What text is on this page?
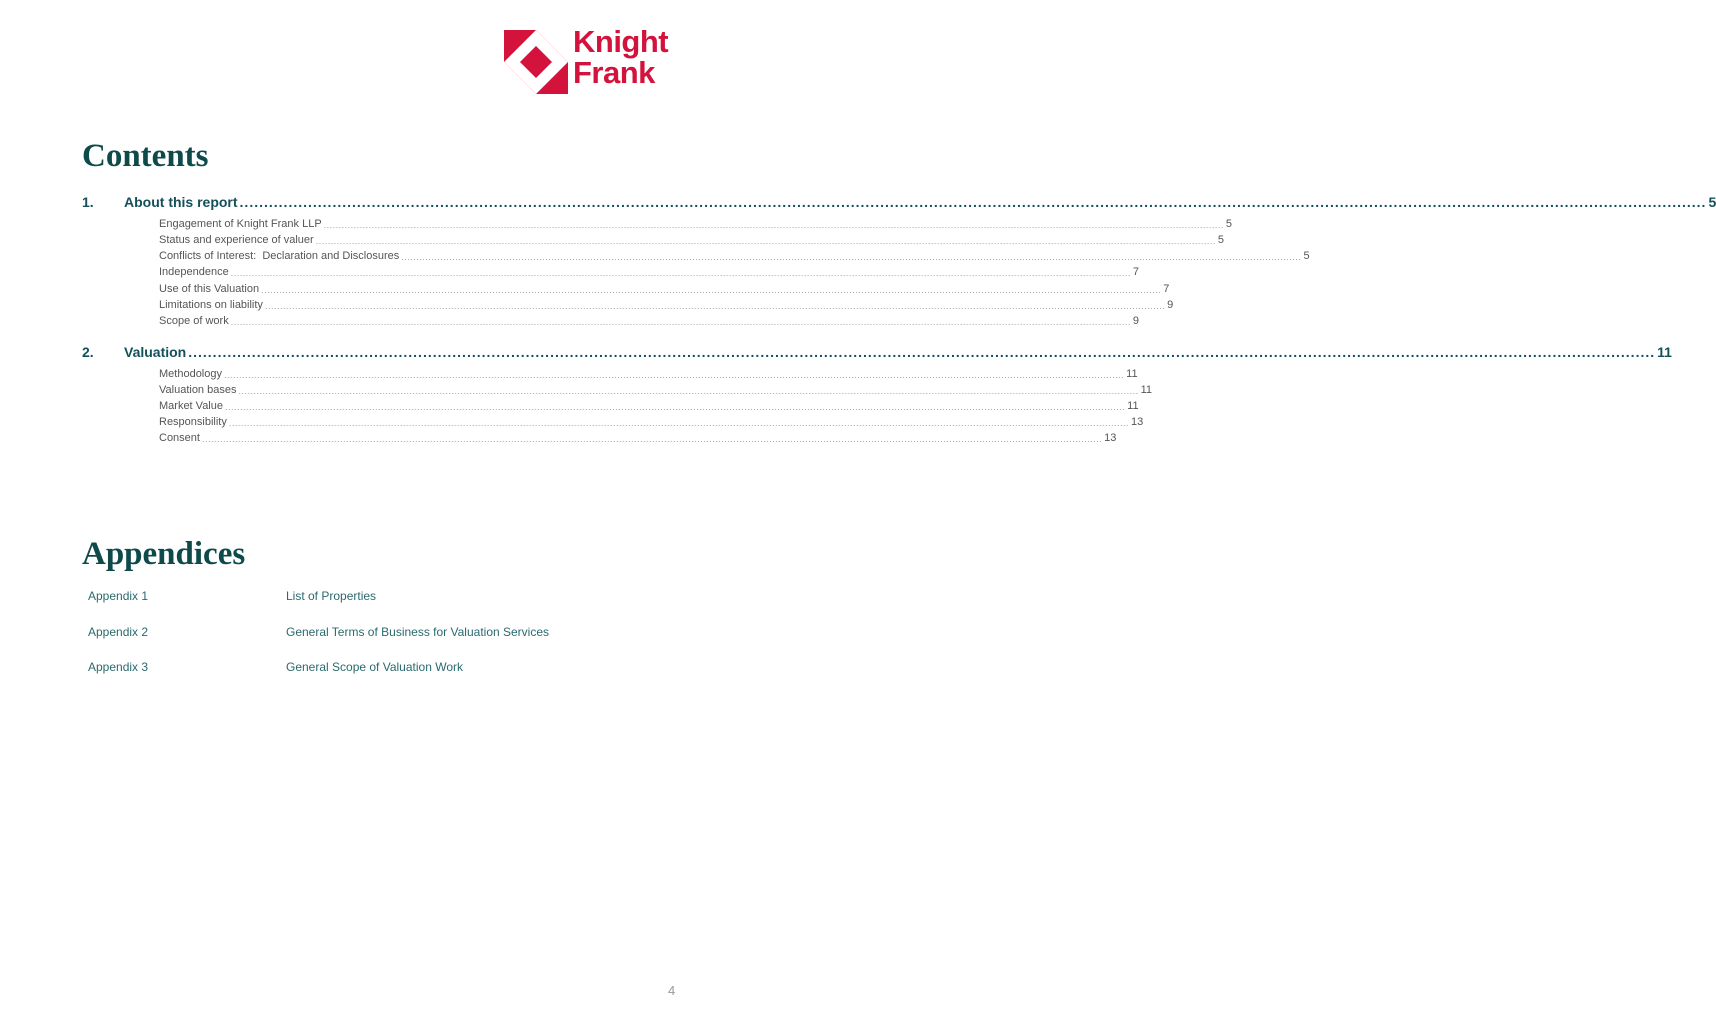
Knight
Frank
Contents
1.	About this report ............................................................................................................................................................................................................................................................................................................ 5
Engagement of Knight Frank LLP ............................................................................................................................................................................................................................................................................................................ 5
Status and experience of valuer ............................................................................................................................................................................................................................................................................................................ 5
Conflicts of Interest:  Declaration and Disclosures ............................................................................................................................................................................................................................................................................................................ 5
Independence ............................................................................................................................................................................................................................................................................................................ 7
Use of this Valuation ............................................................................................................................................................................................................................................................................................................ 7
Limitations on liability ............................................................................................................................................................................................................................................................................................................ 9
Scope of work ............................................................................................................................................................................................................................................................................................................ 9
2.	Valuation ............................................................................................................................................................................................................................................................................................................ 11
Methodology ............................................................................................................................................................................................................................................................................................................ 11
Valuation bases ............................................................................................................................................................................................................................................................................................................ 11
Market Value ............................................................................................................................................................................................................................................................................................................ 11
Responsibility ............................................................................................................................................................................................................................................................................................................ 13
Consent ............................................................................................................................................................................................................................................................................................................ 13
Appendices
Appendix 1	List of Properties
Appendix 2	General Terms of Business for Valuation Services
Appendix 3	General Scope of Valuation Work
4
